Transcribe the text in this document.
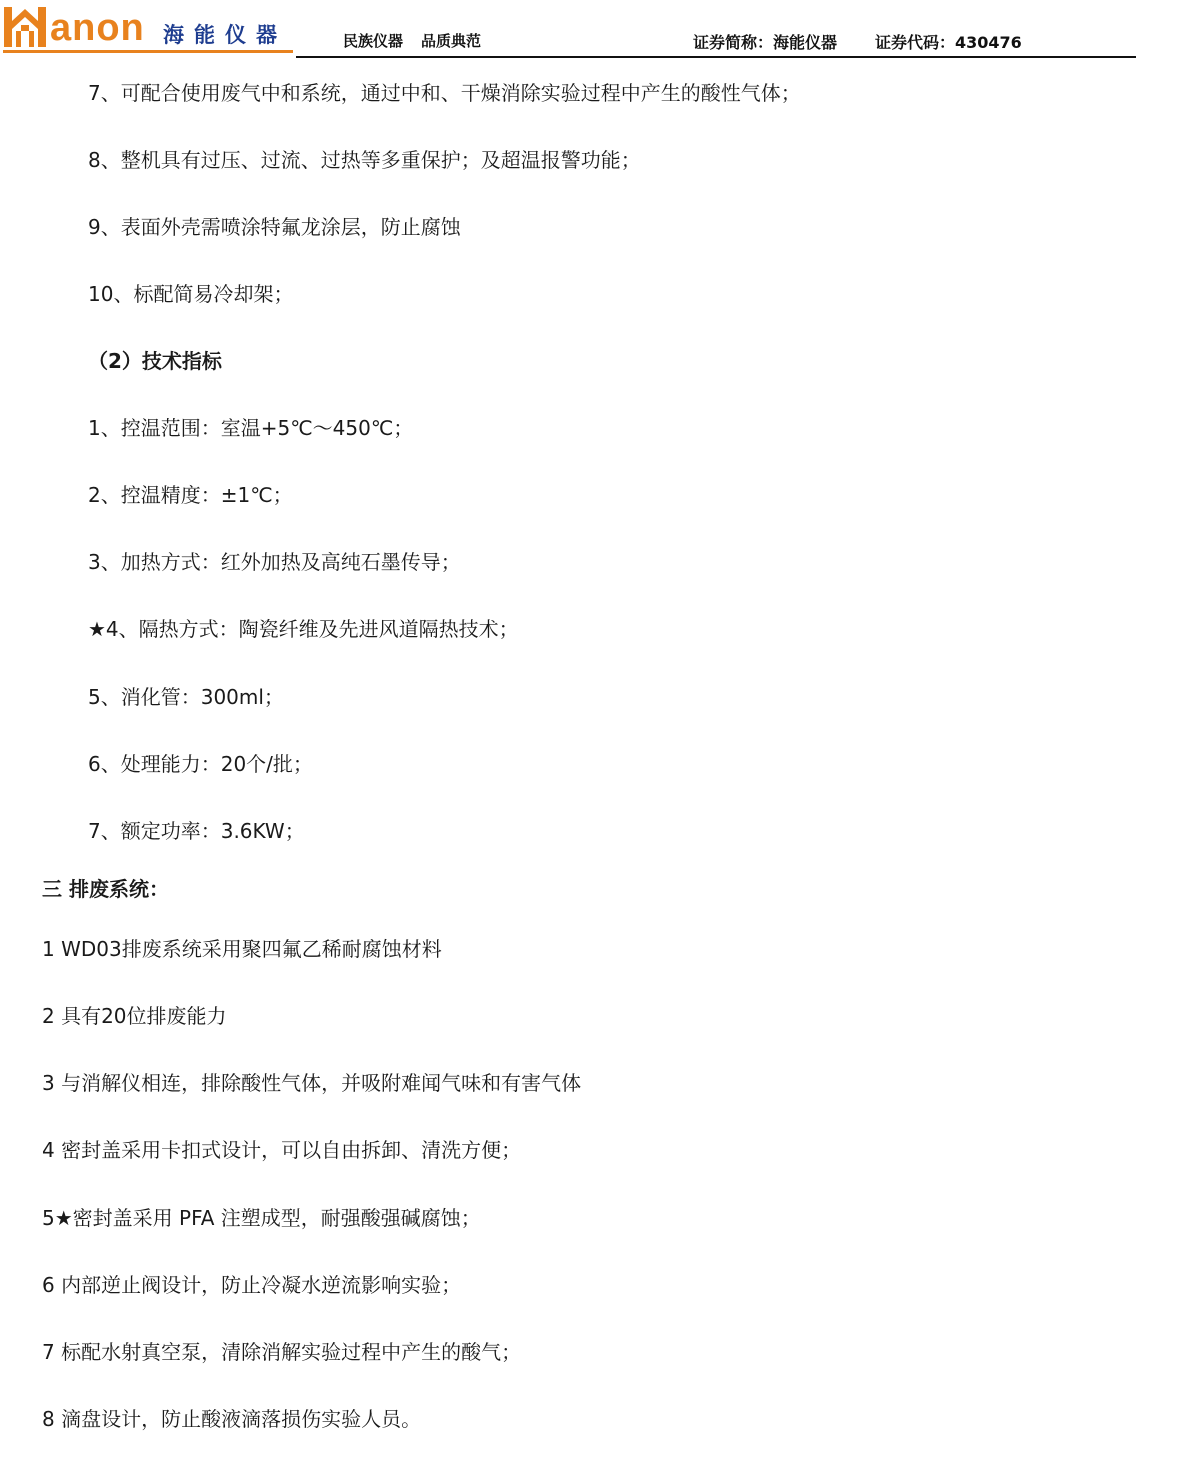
anon 海能仪器	民族仪器 品质典范	证券简称：海能仪器 证券代码：430476
7、可配合使用废气中和系统，通过中和、干燥消除实验过程中产生的酸性气体；
8、整机具有过压、过流、过热等多重保护；及超温报警功能；
9、表面外壳需喷涂特氟龙涂层，防止腐蚀
10、标配简易冷却架；
（2）技术指标
1、控温范围：室温+5℃～450℃；
2、控温精度：±1℃；
3、加热方式：红外加热及高纯石墨传导；
★4、隔热方式：陶瓷纤维及先进风道隔热技术；
5、消化管：300ml；
6、处理能力：20个/批；
7、额定功率：3.6KW；
三 排废系统：
1 WD03排废系统采用聚四氟乙稀耐腐蚀材料
2 具有20位排废能力
3 与消解仪相连，排除酸性气体，并吸附难闻气味和有害气体
4 密封盖采用卡扣式设计，可以自由拆卸、清洗方便；
5★密封盖采用 PFA 注塑成型，耐强酸强碱腐蚀；
6 内部逆止阀设计，防止冷凝水逆流影响实验；
7 标配水射真空泵，清除消解实验过程中产生的酸气；
8 滴盘设计，防止酸液滴落损伤实验人员。
